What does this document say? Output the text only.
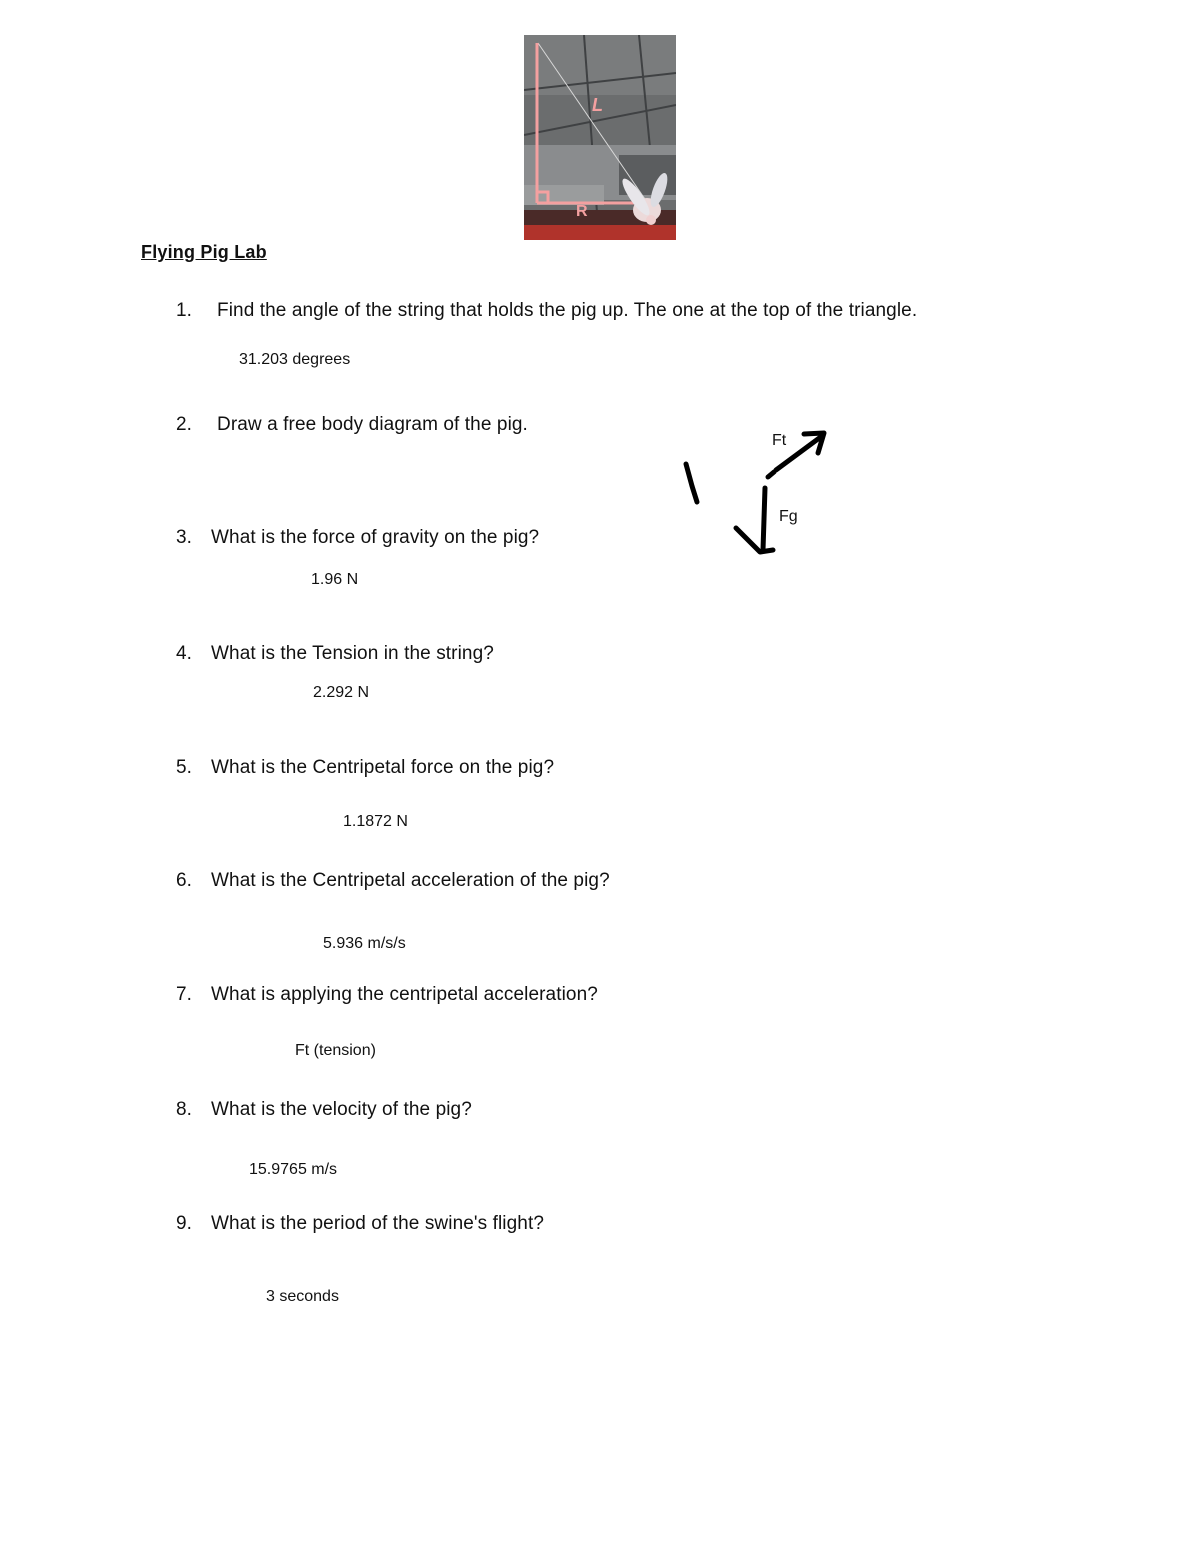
L
R
Flying Pig Lab
1. Find the angle of the string that holds the pig up. The one at the top of the triangle.
31.203 degrees
2. Draw a free body diagram of the pig.
Ft
Fg
3. What is the force of gravity on the pig?
1.96 N
4. What is the Tension in the string?
2.292 N
5. What is the Centripetal force on the pig?
1.1872 N
6. What is the Centripetal acceleration of the pig?
5.936 m/s/s
7. What is applying the centripetal acceleration?
Ft (tension)
8. What is the velocity of the pig?
15.9765 m/s
9. What is the period of the swine's flight?
3 seconds
